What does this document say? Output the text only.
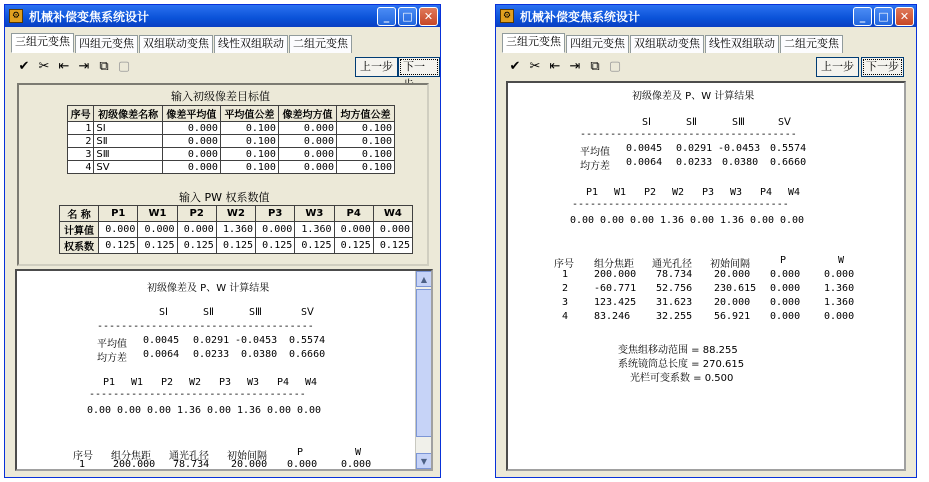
⚙ 机械补偿变焦系统设计	_	□	✕
三组元变焦 四组元变焦 双组联动变焦 线性双组联动 二组元变焦
✔ ✂ ⇤ ⇥ ⧉ ▢	上一步 下一
输入初级像差目标值
序号	初级像差名称	像差平均值	平均值公差	像差均方值	均方值公差
1	SⅠ	0.000	0.100	0.000	0.100
2	SⅡ	0.000	0.100	0.000	0.100
3	SⅢ	0.000	0.100	0.000	0.100
4	SⅤ	0.000	0.100	0.000	0.100
输入 PW 权系数值
名 称	P1	W1	P2	W2	P3	W3	P4	W4
计算值	0.000	0.000	0.000	1.360	0.000	1.360	0.000	0.000
权系数	0.125	0.125	0.125	0.125	0.125	0.125	0.125	0.125
初级像差及 P、W 计算结果
SⅠ	SⅡ	SⅢ	SⅤ
------------------------------------
平均值 0.0045 0.0291 -0.0453 0.5574
均方差 0.0064 0.0233 0.0380 0.6660
P1 W1 P2 W2 P3 W3 P4 W4
------------------------------------
0.00 0.00 0.00 1.36 0.00 1.36 0.00 0.00
序号 组分焦距 通光孔径 初始间隔	P	W
1	200.000 78.734 20.000 0.000 0.000
▲
▼
⚙ 机械补偿变焦系统设计	_	□	✕
三组元变焦 四组元变焦 双组联动变焦 线性双组联动 二组元变焦
✔ ✂ ⇤ ⇥ ⧉ ▢	上一步	下一步
初级像差及 P、W 计算结果
SⅠ	SⅡ	SⅢ	SⅤ
------------------------------------
平均值 0.0045 0.0291 -0.0453 0.5574
均方差 0.0064 0.0233 0.0380 0.6660
P1 W1 P2 W2 P3 W3 P4 W4
------------------------------------
0.00 0.00 0.00 1.36 0.00 1.36 0.00 0.00
序号 组分焦距 通光孔径 初始间隔	P	W
1	200.000 78.734 20.000 0.000 0.000
2	-60.771 52.756 230.615 0.000 1.360
3	123.425 31.623 20.000 0.000 1.360
4	83.246	32.255 56.921 0.000 0.000
变焦组移动范围 = 88.255
系统镜筒总长度 = 270.615
光栏可变系数 = 0.500
